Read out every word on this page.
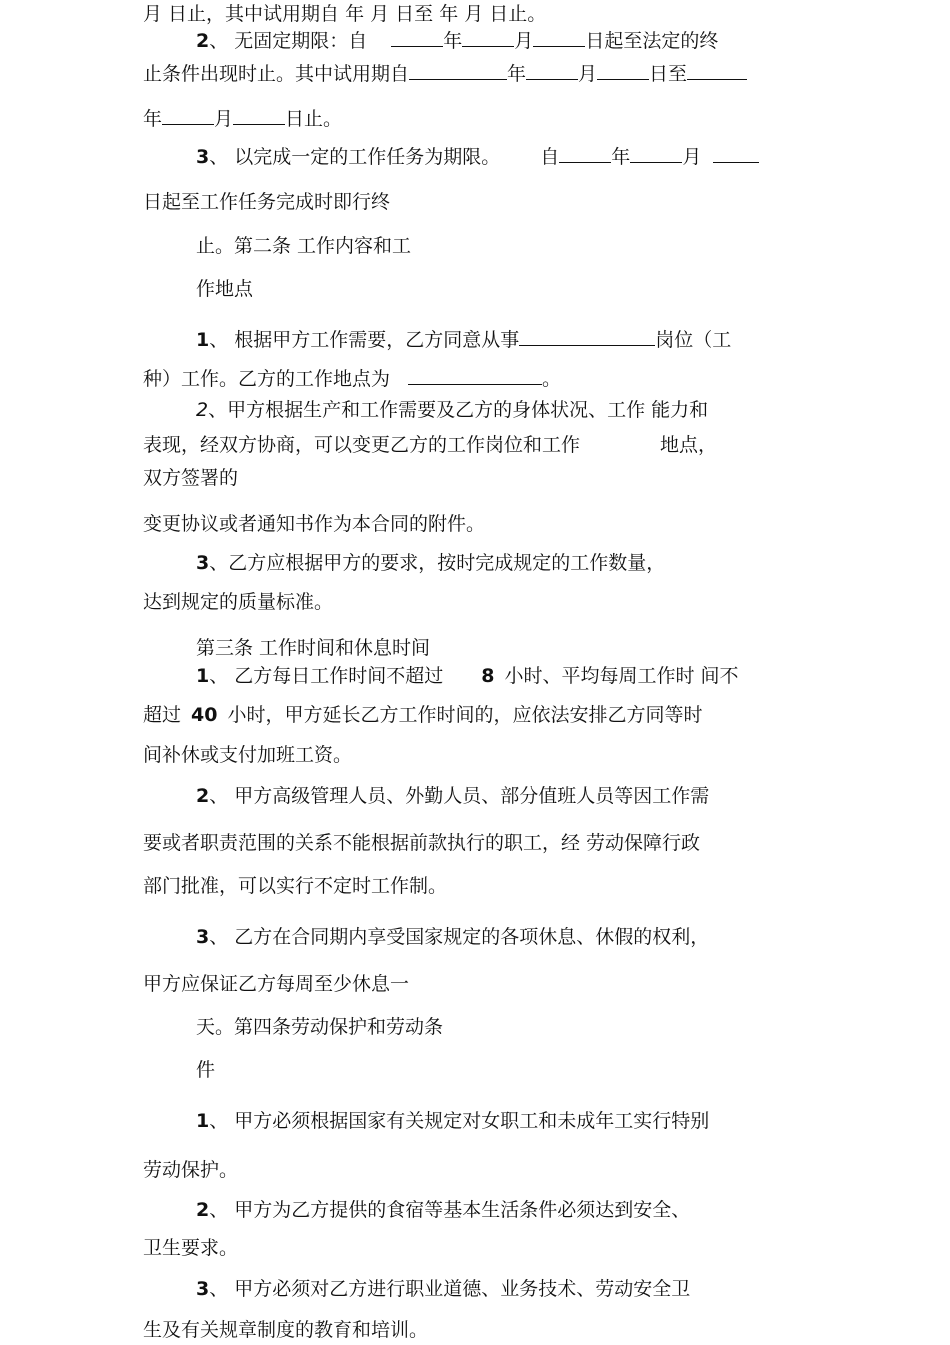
月 日止，其中试用期自 年 月 日至 年 月 日止。

2、 无固定期限：自	年	月	日起至法定的终

止条件出现时止。其中试用期自	年	月	日至

年	月	日止。

3、 以完成一定的工作任务为期限。 自	年	月

日起至工作任务完成时即行终

止。第二条 工作内容和工

作地点

1、 根据甲方工作需要，乙方同意从事	岗位（工

种）工作。乙方的工作地点为	。

2、甲方根据生产和工作需要及乙方的身体状况、工作 能力和

表现，经双方协商，可以变更乙方的工作岗位和工作	地点，

双方签署的

变更协议或者通知书作为本合同的附件。

3、乙方应根据甲方的要求，按时完成规定的工作数量，

达到规定的质量标准。

第三条 工作时间和休息时间

1、 乙方每日工作时间不超过 8 小时、平均每周工作时 间不

超过 40 小时，甲方延长乙方工作时间的，应依法安排乙方同等时

间补休或支付加班工资。

2、 甲方高级管理人员、外勤人员、部分值班人员等因工作需

要或者职责范围的关系不能根据前款执行的职工，经 劳动保障行政

部门批准，可以实行不定时工作制。

3、 乙方在合同期内享受国家规定的各项休息、休假的权利，

甲方应保证乙方每周至少休息一

天。第四条劳动保护和劳动条

件

1、 甲方必须根据国家有关规定对女职工和未成年工实行特别

劳动保护。

2、 甲方为乙方提供的食宿等基本生活条件必须达到安全、

卫生要求。

3、 甲方必须对乙方进行职业道德、业务技术、劳动安全卫

生及有关规章制度的教育和培训。
